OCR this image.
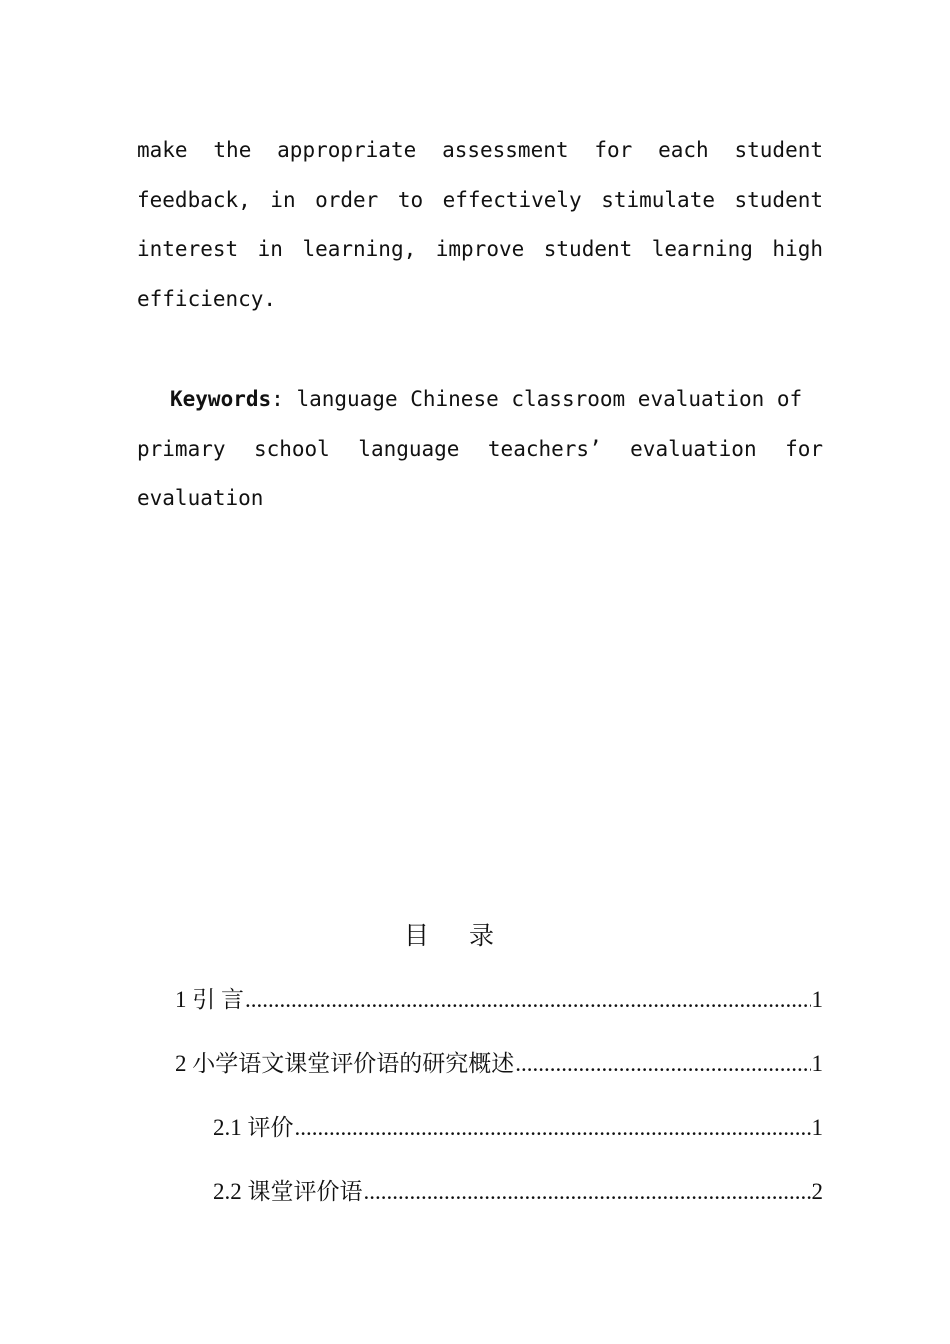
make the appropriate assessment for each student
feedback, in order to effectively stimulate student
interest in learning, improve student learning high
efficiency.
Keywords: language Chinese classroom evaluation of
primary school language teachers’ evaluation for
evaluation
目 录
1 引 言 .....	1
2 小学语文课堂评价语的研究概述 .....	1
2.1 评价 .....	1
2.2 课堂评价语 .....	2
